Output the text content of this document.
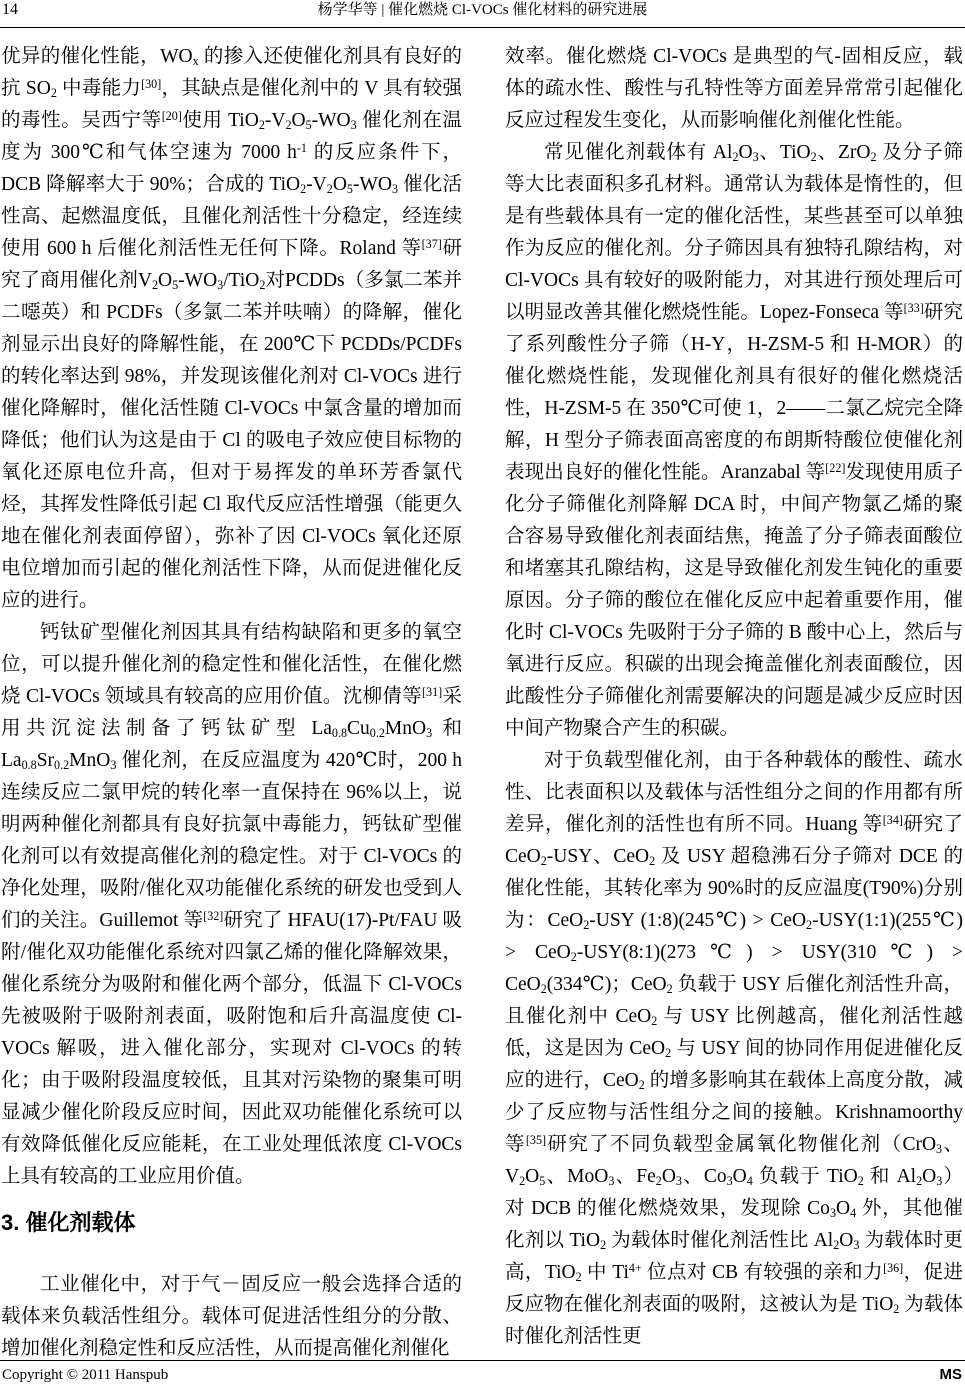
14	杨学华等 | 催化燃烧 Cl-VOCs 催化材料的研究进展

优异的催化性能，$WO_x$ 的掺入还使催化剂具有良好的抗 $SO_2$ 中毒能力[30]，其缺点是催化剂中的 V 具有较强的毒性。吴西宁等[20]使用 $TiO_2-V_2O_5-WO_3$ 催化剂在温度为 300℃和气体空速为 7000 $h^{-1}$ 的反应条件下，DCB 降解率大于 90%；合成的 $TiO_2-V_2O_5-WO_3$ 催化活性高、起燃温度低，且催化剂活性十分稳定，经连续使用 600 h 后催化剂活性无任何下降。Roland 等[37]研究了商用催化剂$V_2O_5-WO_3/TiO_2$对PCDDs（多氯二苯并二噁英）和 PCDFs（多氯二苯并呋喃）的降解，催化剂显示出良好的降解性能，在 200℃下 PCDDs/PCDFs 的转化率达到 98%，并发现该催化剂对 Cl-VOCs 进行催化降解时，催化活性随 Cl-VOCs 中氯含量的增加而降低；他们认为这是由于 Cl 的吸电子效应使目标物的氧化还原电位升高，但对于易挥发的单环芳香氯代烃，其挥发性降低引起 Cl 取代反应活性增强（能更久地在催化剂表面停留），弥补了因 Cl-VOCs 氧化还原电位增加而引起的催化剂活性下降，从而促进催化反应的进行。

钙钛矿型催化剂因其具有结构缺陷和更多的氧空位，可以提升催化剂的稳定性和催化活性，在催化燃烧 Cl-VOCs 领域具有较高的应用价值。沈柳倩等[31]采用共沉淀法制备了钙钛矿型 $La_{0.8}Cu_{0.2}MnO_3$ 和 $La_{0.8}Sr_{0.2}MnO_3$ 催化剂，在反应温度为 420℃时，200 h 连续反应二氯甲烷的转化率一直保持在 96%以上，说明两种催化剂都具有良好抗氯中毒能力，钙钛矿型催化剂可以有效提高催化剂的稳定性。对于 Cl-VOCs 的净化处理，吸附/催化双功能催化系统的研发也受到人们的关注。Guillemot 等[32]研究了 HFAU(17)-Pt/FAU 吸附/催化双功能催化系统对四氯乙烯的催化降解效果，催化系统分为吸附和催化两个部分，低温下 Cl-VOCs 先被吸附于吸附剂表面，吸附饱和后升高温度使 Cl-VOCs 解吸，进入催化部分，实现对 Cl-VOCs 的转化；由于吸附段温度较低，且其对污染物的聚集可明显减少催化阶段反应时间，因此双功能催化系统可以有效降低催化反应能耗，在工业处理低浓度 Cl-VOCs 上具有较高的工业应用价值。

3. 催化剂载体

工业催化中，对于气－固反应一般会选择合适的载体来负载活性组分。载体可促进活性组分的分散、增加催化剂稳定性和反应活性，从而提高催化剂催化

效率。催化燃烧 Cl-VOCs 是典型的气-固相反应，载体的疏水性、酸性与孔特性等方面差异常常引起催化反应过程发生变化，从而影响催化剂催化性能。

常见催化剂载体有 $Al_2O_3$、TiO$_2$、ZrO$_2$ 及分子筛等大比表面积多孔材料。通常认为载体是惰性的，但是有些载体具有一定的催化活性，某些甚至可以单独作为反应的催化剂。分子筛因具有独特孔隙结构，对 Cl-VOCs 具有较好的吸附能力，对其进行预处理后可以明显改善其催化燃烧性能。Lopez-Fonseca 等[33]研究了系列酸性分子筛（H-Y，H-ZSM-5 和 H-MOR）的催化燃烧性能，发现催化剂具有很好的催化燃烧活性，H-ZSM-5 在 350℃可使 1，2——二氯乙烷完全降解，H 型分子筛表面高密度的布朗斯特酸位使催化剂表现出良好的催化性能。Aranzabal 等[22]发现使用质子化分子筛催化剂降解 DCA 时，中间产物氯乙烯的聚合容易导致催化剂表面结焦，掩盖了分子筛表面酸位和堵塞其孔隙结构，这是导致催化剂发生钝化的重要原因。分子筛的酸位在催化反应中起着重要作用，催化时 Cl-VOCs 先吸附于分子筛的 B 酸中心上，然后与氧进行反应。积碳的出现会掩盖催化剂表面酸位，因此酸性分子筛催化剂需要解决的问题是减少反应时因中间产物聚合产生的积碳。

对于负载型催化剂，由于各种载体的酸性、疏水性、比表面积以及载体与活性组分之间的作用都有所差异，催化剂的活性也有所不同。Huang 等[34]研究了 CeO$_2$-USY、CeO$_2$ 及 USY 超稳沸石分子筛对 DCE 的催化性能，其转化率为 90%时的反应温度(T90%)分别为：CeO$_2$-USY (1:8)(245℃) > CeO$_2$-USY(1:1)(255℃) > CeO$_2$-USY(8:1)(273℃) > USY(310℃) > CeO$_2$(334℃)；CeO$_2$ 负载于 USY 后催化剂活性升高，且催化剂中 CeO$_2$ 与 USY 比例越高，催化剂活性越低，这是因为 CeO$_2$ 与 USY 间的协同作用促进催化反应的进行，CeO$_2$ 的增多影响其在载体上高度分散，减少了反应物与活性组分之间的接触。Krishnamoorthy 等[35]研究了不同负载型金属氧化物催化剂（CrO$_3$、$V_2O_5$、MoO$_3$、$Fe_2O_3$、$Co_3O_4$ 负载于 TiO$_2$ 和 $Al_2O_3$）对 DCB 的催化燃烧效果，发现除 $Co_3O_4$ 外，其他催化剂以 TiO$_2$ 为载体时催化剂活性比 $Al_2O_3$ 为载体时更高，TiO$_2$ 中 $Ti^{4+}$ 位点对 CB 有较强的亲和力[36]，促进反应物在催化剂表面的吸附，这被认为是 TiO$_2$ 为载体时催化剂活性更

Copyright © 2011 Hanspub	MS
